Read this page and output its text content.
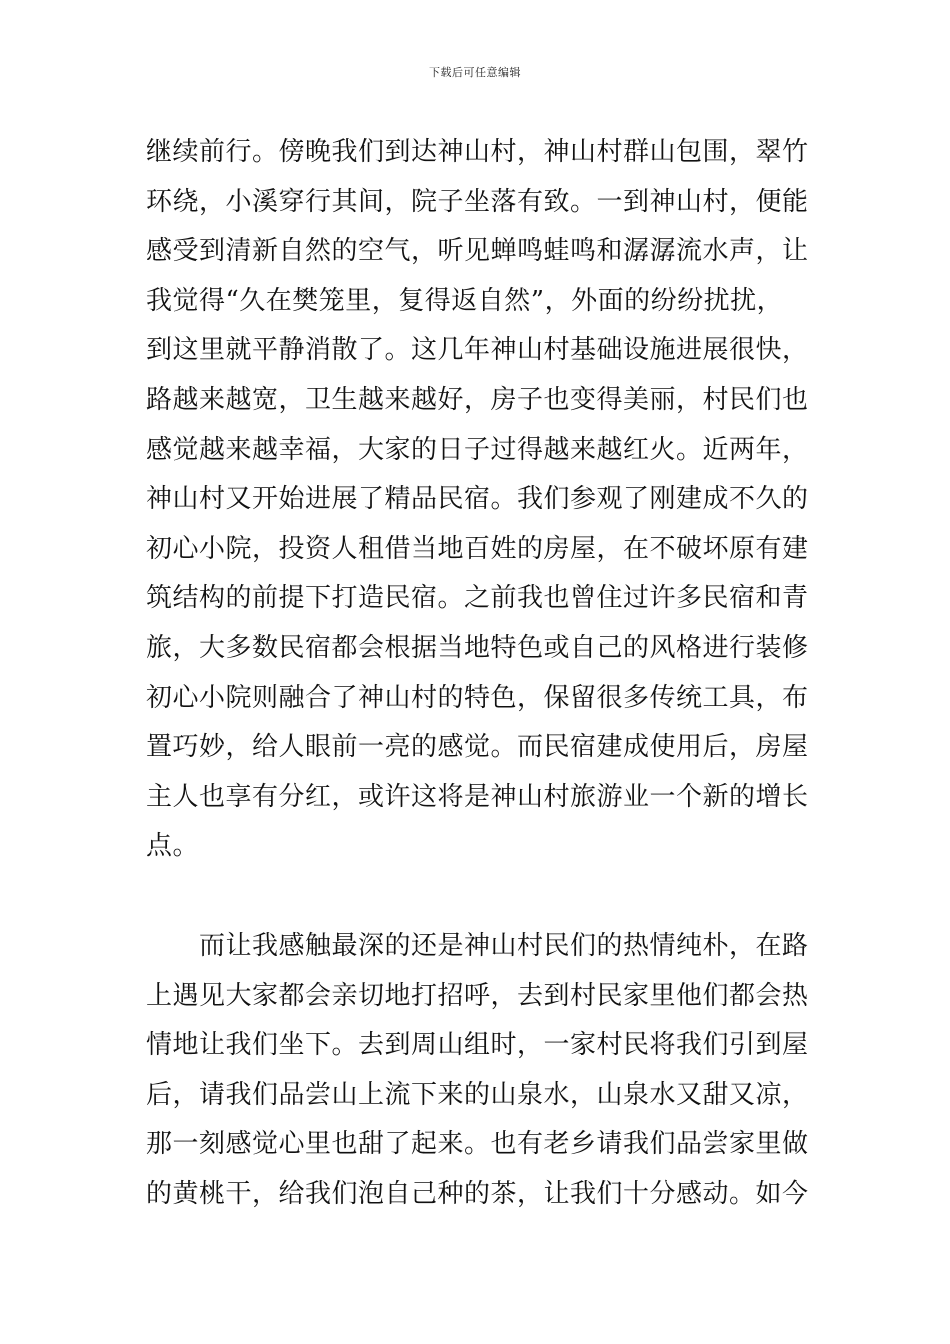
下载后可任意编辑
继续前行。傍晚我们到达神山村，神山村群山包围，翠竹
环绕，小溪穿行其间，院子坐落有致。一到神山村，便能
感受到清新自然的空气，听见蝉鸣蛙鸣和潺潺流水声，让
我觉得“久在樊笼里，复得返自然”，外面的纷纷扰扰，
到这里就平静消散了。这几年神山村基础设施进展很快，
路越来越宽，卫生越来越好，房子也变得美丽，村民们也
感觉越来越幸福，大家的日子过得越来越红火。近两年，
神山村又开始进展了精品民宿。我们参观了刚建成不久的
初心小院，投资人租借当地百姓的房屋，在不破坏原有建
筑结构的前提下打造民宿。之前我也曾住过许多民宿和青
旅，大多数民宿都会根据当地特色或自己的风格进行装修
初心小院则融合了神山村的特色，保留很多传统工具，布
置巧妙，给人眼前一亮的感觉。而民宿建成使用后，房屋
主人也享有分红，或许这将是神山村旅游业一个新的增长
点。
　　而让我感触最深的还是神山村民们的热情纯朴，在路
上遇见大家都会亲切地打招呼，去到村民家里他们都会热
情地让我们坐下。去到周山组时，一家村民将我们引到屋
后，请我们品尝山上流下来的山泉水，山泉水又甜又凉，
那一刻感觉心里也甜了起来。也有老乡请我们品尝家里做
的黄桃干，给我们泡自己种的茶，让我们十分感动。如今
